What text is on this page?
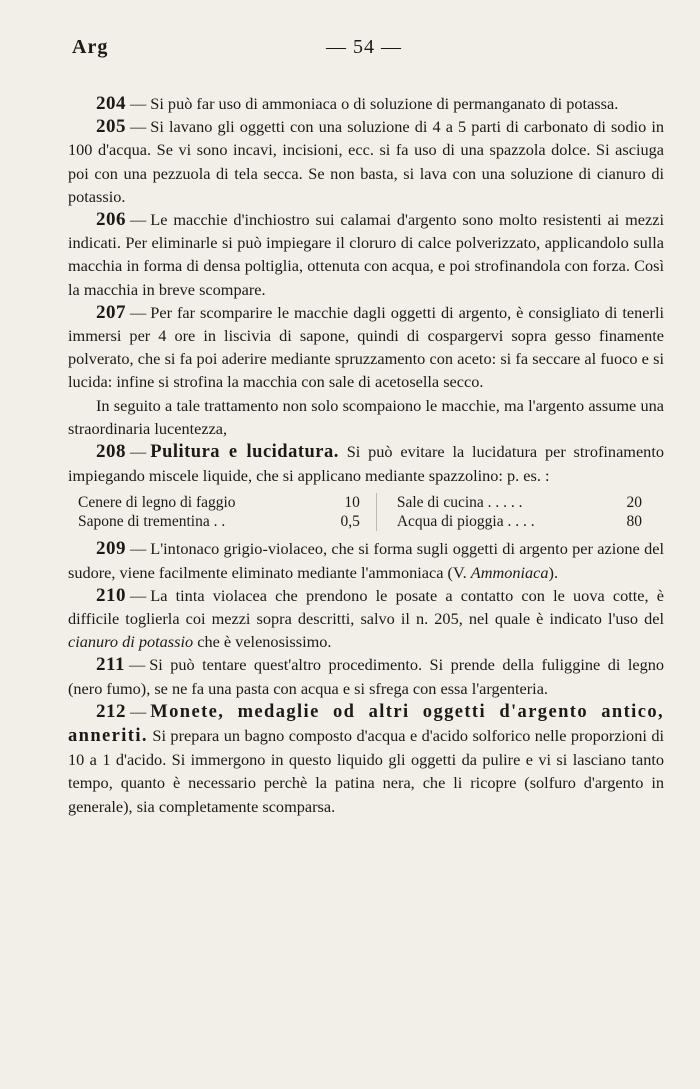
Arg	— 54 —

204 — Si può far uso di ammoniaca o di soluzione di permanganato di potassa.

205 — Si lavano gli oggetti con una soluzione di 4 a 5 parti di carbonato di sodio in 100 d'acqua. Se vi sono incavi, incisioni, ecc. si fa uso di una spazzola dolce. Si asciuga poi con una pezzuola di tela secca. Se non basta, si lava con una soluzione di cianuro di potassio.

206 — Le macchie d'inchiostro sui calamai d'argento sono molto resistenti ai mezzi indicati. Per eliminarle si può impiegare il cloruro di calce polverizzato, applicandolo sulla macchia in forma di densa poltiglia, ottenuta con acqua, e poi strofinandola con forza. Così la macchia in breve scompare.

207 — Per far scomparire le macchie dagli oggetti di argento, è consigliato di tenerli immersi per 4 ore in liscivia di sapone, quindi di cospargervi sopra gesso finamente polverato, che si fa poi aderire mediante spruzzamento con aceto: si fa seccare al fuoco e si lucida: infine si strofina la macchia con sale di acetosella secco.

In seguito a tale trattamento non solo scompaiono le macchie, ma l'argento assume una straordinaria lucentezza,

208 — Pulitura e lucidatura. Si può evitare la lucidatura per strofinamento impiegando miscele liquide, che si applicano mediante spazzolino: p. es. :

Cenere di legno di faggio	10		Sale di cucina . . . . .	20
Sapone di trementina . .	0,5		Acqua di pioggia . . . .	80

209 — L'intonaco grigio-violaceo, che si forma sugli oggetti di argento per azione del sudore, viene facilmente eliminato mediante l'ammoniaca (V. Ammoniaca).

210 — La tinta violacea che prendono le posate a contatto con le uova cotte, è difficile toglierla coi mezzi sopra descritti, salvo il n. 205, nel quale è indicato l'uso del cianuro di potassio che è velenosissimo.

211 — Si può tentare quest'altro procedimento. Si prende della fuliggine di legno (nero fumo), se ne fa una pasta con acqua e si sfrega con essa l'argenteria.

212 — Monete, medaglie od altri oggetti d'argento antico, anneriti. Si prepara un bagno composto d'acqua e d'acido solforico nelle proporzioni di 10 a 1 d'acido. Si immergono in questo liquido gli oggetti da pulire e vi si lasciano tanto tempo, quanto è necessario perchè la patina nera, che li ricopre (solfuro d'argento in generale), sia completamente scomparsa.
